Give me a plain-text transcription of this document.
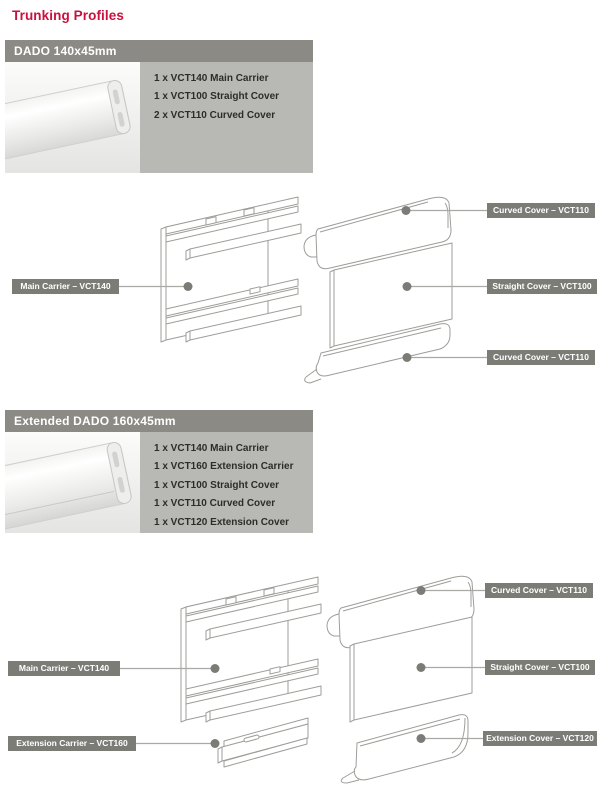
Trunking Profiles
DADO 140x45mm
1 x VCT140 Main Carrier
1 x VCT100 Straight Cover
2 x VCT110 Curved Cover
Main Carrier – VCT140
Curved Cover – VCT110
Straight Cover – VCT100
Curved Cover – VCT110
Extended DADO 160x45mm
1 x VCT140 Main Carrier
1 x VCT160 Extension Carrier
1 x VCT100 Straight Cover
1 x VCT110 Curved Cover
1 x VCT120 Extension Cover
Main Carrier – VCT140
Extension Carrier – VCT160
Curved Cover – VCT110
Straight Cover – VCT100
Extension Cover – VCT120
